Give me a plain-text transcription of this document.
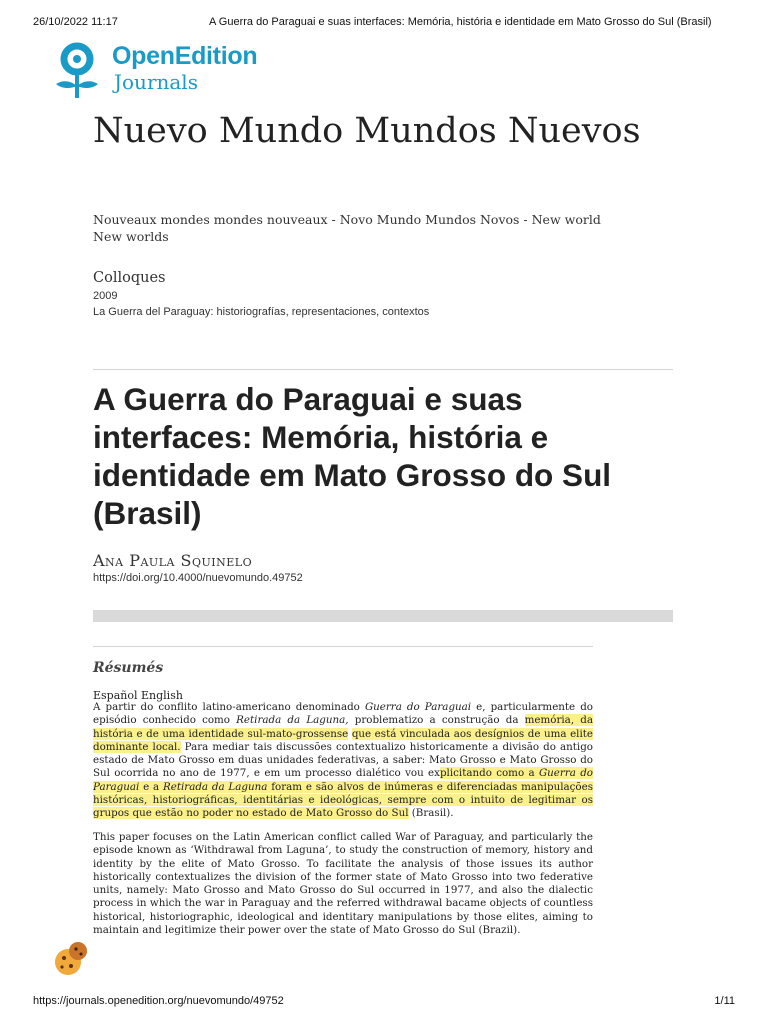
26/10/2022 11:17	A Guerra do Paraguai e suas interfaces: Memória, história e identidade em Mato Grosso do Sul (Brasil)
OpenEdition
Journals
Nuevo Mundo Mundos Nuevos
Nouveaux mondes mondes nouveaux - Novo Mundo Mundos Novos - New world New worlds
Colloques
2009
La Guerra del Paraguay: historiografías, representaciones, contextos
A Guerra do Paraguai e suas interfaces: Memória, história e identidade em Mato Grosso do Sul (Brasil)
Ana Paula Squinelo
https://doi.org/10.4000/nuevomundo.49752
Résumés
Español English

A partir do conflito latino-americano denominado Guerra do Paraguai e, particularmente do episódio conhecido como Retirada da Laguna, problematizo a construção da memória, da história e de uma identidade sul-mato-grossense que está vinculada aos desígnios de uma elite dominante local. Para mediar tais discussões contextualizo historicamente a divisão do antigo estado de Mato Grosso em duas unidades federativas, a saber: Mato Grosso e Mato Grosso do Sul ocorrida no ano de 1977, e em um processo dialético vou explicitando como a Guerra do Paraguai e a Retirada da Laguna foram e são alvos de inúmeras e diferenciadas manipulações históricas, historiográficas, identitárias e ideológicas, sempre com o intuito de legitimar os grupos que estão no poder no estado de Mato Grosso do Sul (Brasil).

This paper focuses on the Latin American conflict called War of Paraguay, and particularly the episode known as ‘Withdrawal from Laguna’, to study the construction of memory, history and identity by the elite of Mato Grosso. To facilitate the analysis of those issues its author historically contextualizes the division of the former state of Mato Grosso into two federative units, namely: Mato Grosso and Mato Grosso do Sul occurred in 1977, and also the dialectic process in which the war in Paraguay and the referred withdrawal bacame objects of countless historical, historiographic, ideological and identitary manipulations by those elites, aiming to maintain and legitimize their power over the state of Mato Grosso do Sul (Brazil).

https://journals.openedition.org/nuevomundo/49752	1/11
